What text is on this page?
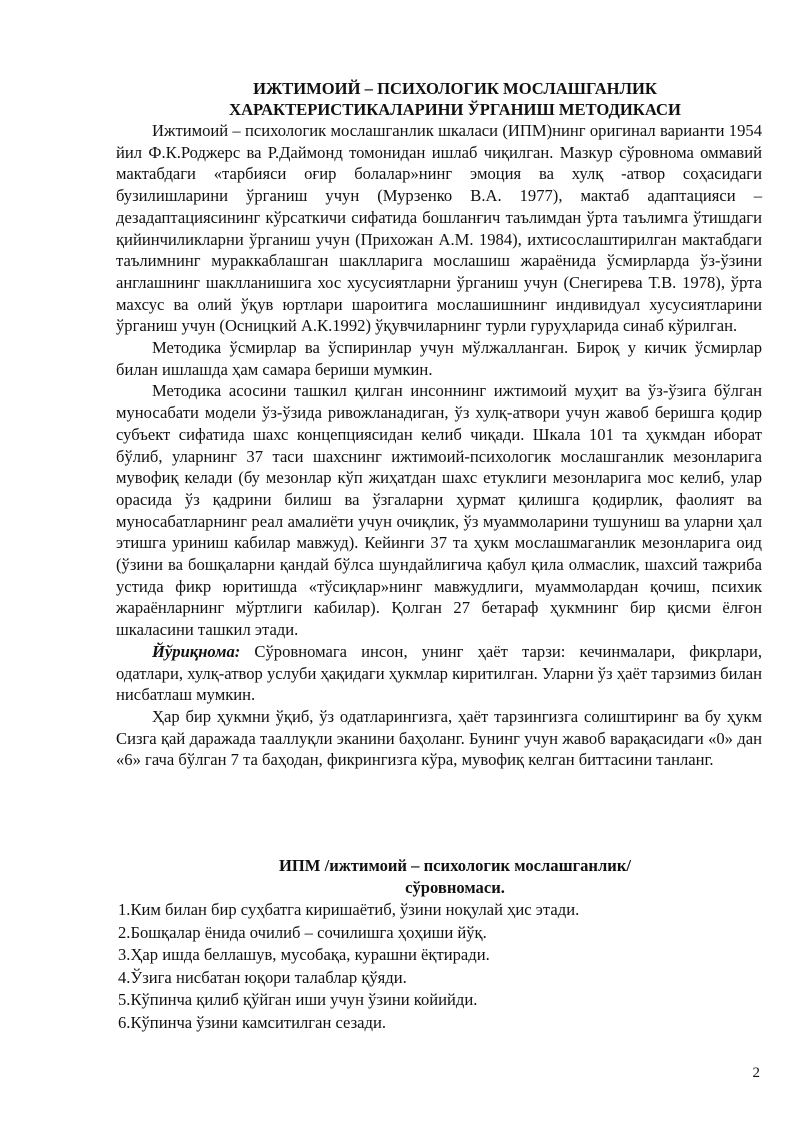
ИЖТИМОИЙ – ПСИХОЛОГИК МОСЛАШГАНЛИК
ХАРАКТЕРИСТИКАЛАРИНИ ЎРГАНИШ МЕТОДИКАСИ

Ижтимоий – психологик мослашганлик шкаласи (ИПМ)нинг оригинал варианти 1954 йил Ф.К.Роджерс ва Р.Даймонд томонидан ишлаб чиқилган. Мазкур сўровнома оммавий мактабдаги «тарбияси оғир болалар»нинг эмоция ва хулқ -атвор соҳасидаги бузилишларини ўрганиш учун (Мурзенко В.А. 1977), мактаб адаптацияси – дезадаптациясининг кўрсаткичи сифатида бошланғич таълимдан ўрта таълимга ўтишдаги қийинчиликларни ўрганиш учун (Прихожан А.М. 1984), ихтисослаштирилган мактабдаги таълимнинг мураккаблашган шаклларига мослашиш жараёнида ўсмирларда ўз-ўзини англашнинг шаклланишига хос хусусиятларни ўрганиш учун (Снегирева Т.В. 1978), ўрта махсус ва олий ўқув юртлари шароитига мослашишнинг индивидуал хусусиятларини ўрганиш учун (Осницкий А.К.1992) ўқувчиларнинг турли гуруҳларида синаб кўрилган.

Методика ўсмирлар ва ўспиринлар учун мўлжалланган. Бироқ у кичик ўсмирлар билан ишлашда ҳам самара бериши мумкин.

Методика асосини ташкил қилган инсоннинг ижтимоий муҳит ва ўз-ўзига бўлган муносабати модели ўз-ўзида ривожланадиган, ўз хулқ-атвори учун жавоб беришга қодир субъект сифатида шахс концепциясидан келиб чиқади. Шкала 101 та ҳукмдан иборат бўлиб, уларнинг 37 таси шахснинг ижтимоий-психологик мослашганлик мезонларига мувофиқ келади (бу мезонлар кўп жиҳатдан шахс етуклиги мезонларига мос келиб, улар орасида ўз қадрини билиш ва ўзгаларни ҳурмат қилишга қодирлик, фаолият ва муносабатларнинг реал амалиёти учун очиқлик, ўз муаммоларини тушуниш ва уларни ҳал этишга уриниш кабилар мавжуд). Кейинги 37 та ҳукм мослашмаганлик мезонларига оид (ўзини ва бошқаларни қандай бўлса шундайлигича қабул қила олмаслик, шахсий тажриба устида фикр юритишда «тўсиқлар»нинг мавжудлиги, муаммолардан қочиш, психик жараёнларнинг мўртлиги кабилар). Қолган 27 бетараф ҳукмнинг бир қисми ёлғон шкаласини ташкил этади.

Йўриқнома: Сўровномага инсон, унинг ҳаёт тарзи: кечинмалари, фикрлари, одатлари, хулқ-атвор услуби ҳақидаги ҳукмлар киритилган. Уларни ўз ҳаёт тарзимиз билан нисбатлаш мумкин.

Ҳар бир ҳукмни ўқиб, ўз одатларингизга, ҳаёт тарзингизга солиштиринг ва бу ҳукм Сизга қай даражада тааллуқли эканини баҳоланг. Бунинг учун жавоб варақасидаги «0» дан «6» гача бўлган 7 та баҳодан, фикрингизга кўра, мувофиқ келган биттасини танланг.

ИПМ /ижтимоий – психологик мослашганлик/
сўровномаси.
1.Ким билан бир суҳбатга киришаётиб, ўзини ноқулай ҳис этади.
2.Бошқалар ёнида очилиб – сочилишга ҳоҳиши йўқ.
3.Ҳар ишда беллашув, мусобақа, курашни ёқтиради.
4.Ўзига нисбатан юқори талаблар қўяди.
5.Кўпинча қилиб қўйган иши учун ўзини койийди.
6.Кўпинча ўзини камситилган сезади.
2
